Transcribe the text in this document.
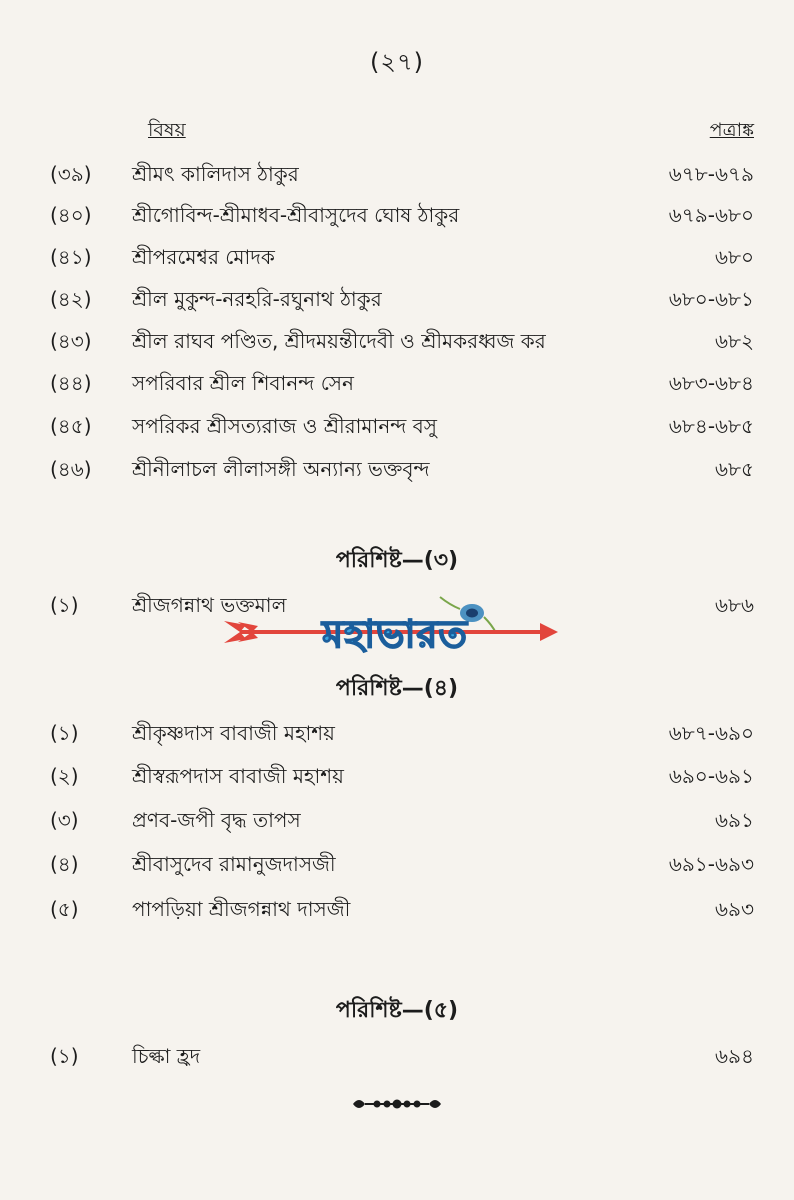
(২৭)
বিষয়	পত্রাঙ্ক
(৩৯)	শ্রীমৎ কালিদাস ঠাকুর	৬৭৮-৬৭৯
(৪০)	শ্রীগোবিন্দ-শ্রীমাধব-শ্রীবাসুদেব ঘোষ ঠাকুর	৬৭৯-৬৮০
(৪১)	শ্রীপরমেশ্বর মোদক	৬৮০
(৪২)	শ্রীল মুকুন্দ-নরহরি-রঘুনাথ ঠাকুর	৬৮০-৬৮১
(৪৩)	শ্রীল রাঘব পণ্ডিত, শ্রীদময়ন্তীদেবী ও শ্রীমকরধ্বজ কর	৬৮২
(৪৪)	সপরিবার শ্রীল শিবানন্দ সেন	৬৮৩-৬৮৪
(৪৫)	সপরিকর শ্রীসত্যরাজ ও শ্রীরামানন্দ বসু	৬৮৪-৬৮৫
(৪৬)	শ্রীনীলাচল লীলাসঙ্গী অন্যান্য ভক্তবৃন্দ	৬৮৫
পরিশিষ্ট—(৩)
(১)	শ্রীজগন্নাথ ভক্তমাল	৬৮৬
মহাভারত
পরিশিষ্ট—(৪)
(১)	শ্রীকৃষ্ণদাস বাবাজী মহাশয়	৬৮৭-৬৯০
(২)	শ্রীস্বরূপদাস বাবাজী মহাশয়	৬৯০-৬৯১
(৩)	প্রণব-জপী বৃদ্ধ তাপস	৬৯১
(৪)	শ্রীবাসুদেব রামানুজদাসজী	৬৯১-৬৯৩
(৫)	পাপড়িয়া শ্রীজগন্নাথ দাসজী	৬৯৩
পরিশিষ্ট—(৫)
(১)	চিল্কা হ্রদ	৬৯৪
